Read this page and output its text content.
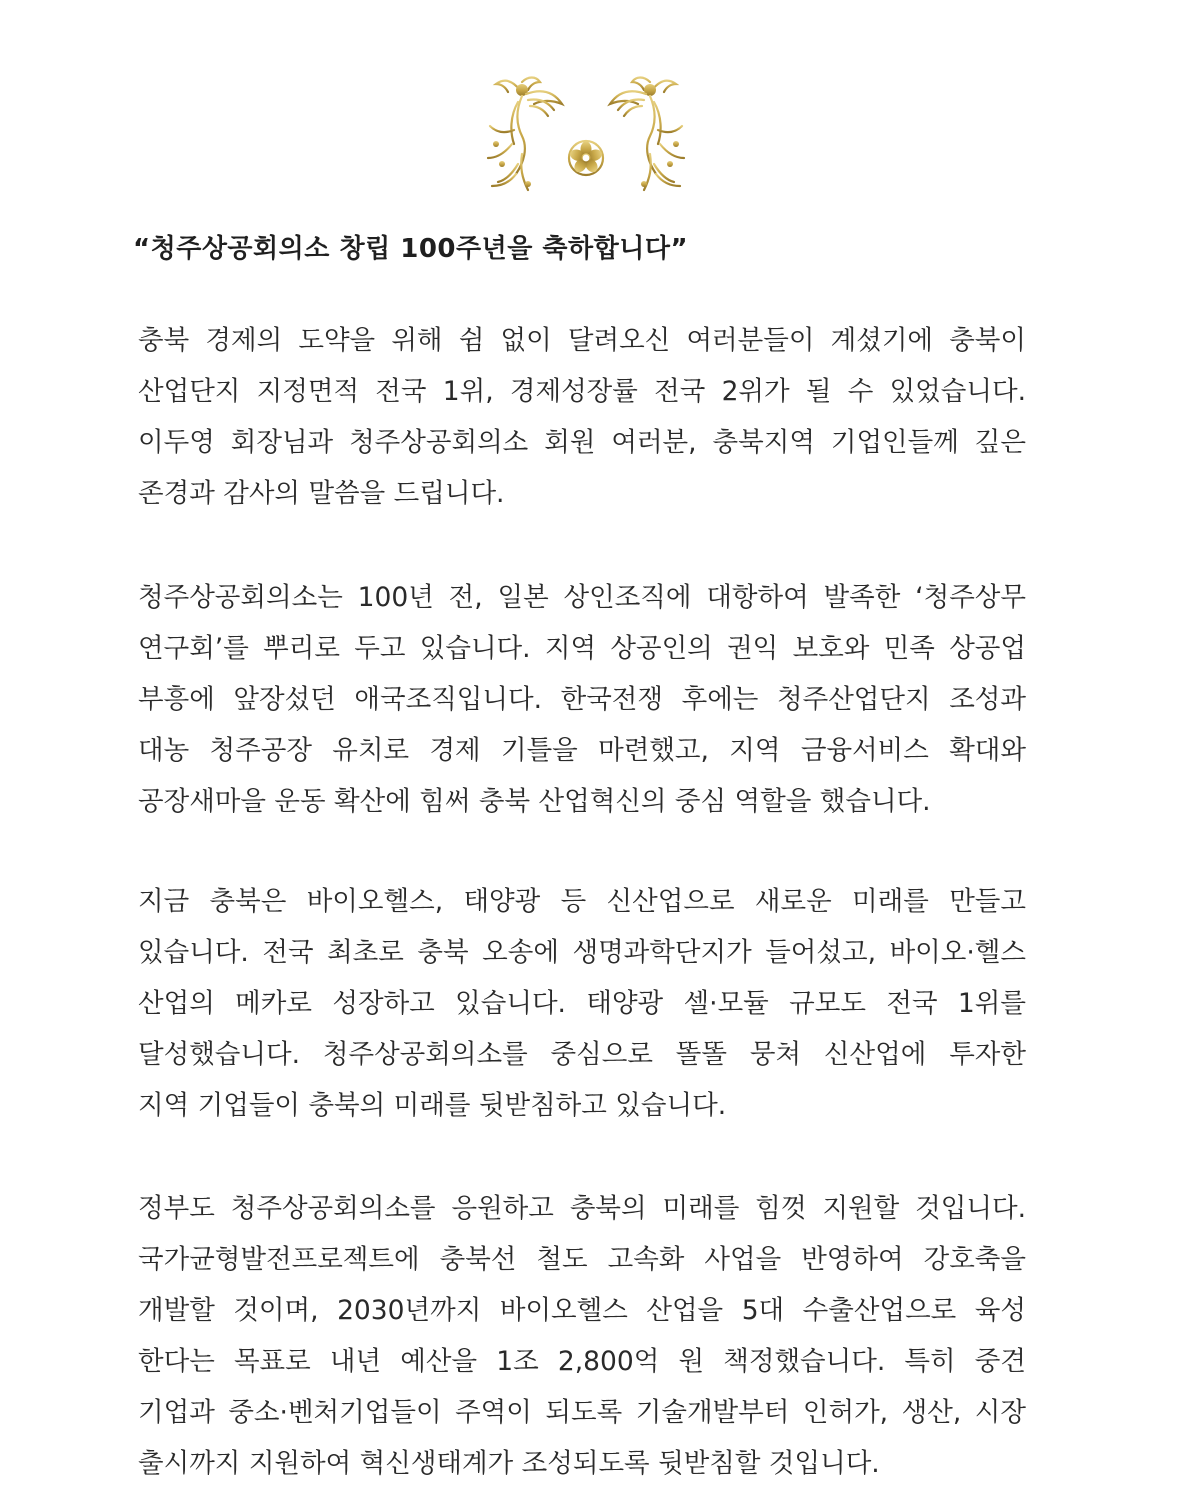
“청주상공회의소 창립 100주년을 축하합니다”
충북 경제의 도약을 위해 쉼 없이 달려오신 여러분들이 계셨기에 충북이
산업단지 지정면적 전국 1위, 경제성장률 전국 2위가 될 수 있었습니다.
이두영 회장님과 청주상공회의소 회원 여러분, 충북지역 기업인들께 깊은
존경과 감사의 말씀을 드립니다.
청주상공회의소는 100년 전, 일본 상인조직에 대항하여 발족한 ‘청주상무
연구회’를 뿌리로 두고 있습니다. 지역 상공인의 권익 보호와 민족 상공업
부흥에 앞장섰던 애국조직입니다. 한국전쟁 후에는 청주산업단지 조성과
대농 청주공장 유치로 경제 기틀을 마련했고, 지역 금융서비스 확대와
공장새마을 운동 확산에 힘써 충북 산업혁신의 중심 역할을 했습니다.
지금 충북은 바이오헬스, 태양광 등 신산업으로 새로운 미래를 만들고
있습니다. 전국 최초로 충북 오송에 생명과학단지가 들어섰고, 바이오·헬스
산업의 메카로 성장하고 있습니다. 태양광 셀·모듈 규모도 전국 1위를
달성했습니다. 청주상공회의소를 중심으로 똘똘 뭉쳐 신산업에 투자한
지역 기업들이 충북의 미래를 뒷받침하고 있습니다.
정부도 청주상공회의소를 응원하고 충북의 미래를 힘껏 지원할 것입니다.
국가균형발전프로젝트에 충북선 철도 고속화 사업을 반영하여 강호축을
개발할 것이며, 2030년까지 바이오헬스 산업을 5대 수출산업으로 육성
한다는 목표로 내년 예산을 1조 2,800억 원 책정했습니다. 특히 중견
기업과 중소·벤처기업들이 주역이 되도록 기술개발부터 인허가, 생산, 시장
출시까지 지원하여 혁신생태계가 조성되도록 뒷받침할 것입니다.
